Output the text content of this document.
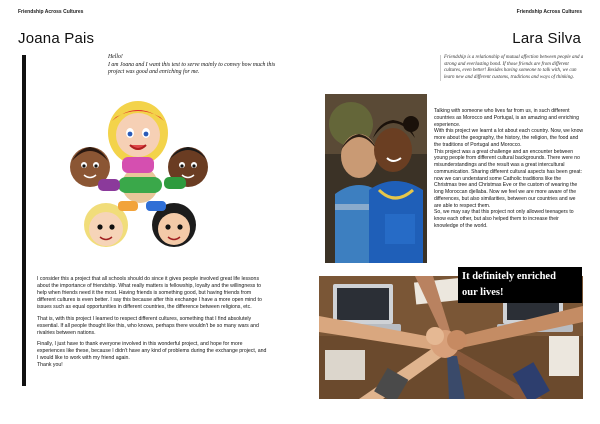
Friendship Across Cultures
Joana Pais

Hello!
I am Joana and I want this text to serve mainly to convey how much this project was good and enriching for me.

I consider this a project that all schools should do since it gives people involved great life lessons about the importance of friendship. What really matters is fellowship, loyalty and the willingness to help when friends need it the most. Having friends is something good, but having friends from different cultures is even better. I say this because after this exchange I have a more open mind to issues such as equal opportunities in different countries, the difference between religions, etc.

That is, with this project I learned to respect different cultures, something that I find absolutely essential. If all people thought like this, who knows, perhaps there wouldn't be so many wars and rivalries between nations.

Finally, I just have to thank everyone involved in this wonderful project, and hope for more experiences like these, because I didn't have any kind of problems during the exchange project, and I would like to work with my friend again.
Thank you!

Friendship Across Cultures
Lara Silva
Friendship is a relationship of mutual affection between people and a strong and everlasting bond. If those friends are from different cultures, even better! Besides having someone to talk with, we can learn new and different customs, traditions and ways of thinking.
Talking with someone who lives far from us, in such different countries as Morocco and Portugal, is an amazing and enriching experience.
With this project we learnt a lot about each country. Now, we know more about the geography, the history, the religion, the food and the traditions of Portugal and Morocco.
This project was a great challenge and an encounter between young people from different cultural backgrounds. There were no misunderstandings and the result was a great intercultural communication. Sharing different cultural aspects has been great: now we can understand some Catholic traditions like the Christmas tree and Christmas Eve or the custom of wearing the long Moroccan djellaba. Now we feel we are more aware of the differences, but also similarities, between our countries and we are able to respect them.
So, we may say that this project not only allowed teenagers to know each other, but also helped them to increase their knowledge of the world.
It definitely enriched
our lives!
